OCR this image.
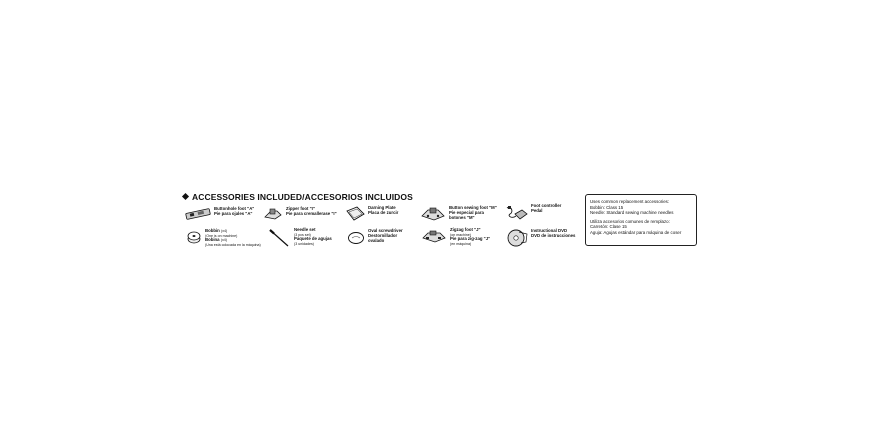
ACCESSORIES INCLUDED/ACCESORIOS INCLUIDOS
Buttonhole foot "A"
Pie para ojales "A"
Zipper foot "I"
Pie para cremallerase "I"
Darning Plate
Placa de zurcir
Button sewing foot "M"
Pie especial para
botones "M"
Foot controller
Pedal
Bobbin (x4)
(One is on machine)
Bobina (x4)
(Una está colocada en la máquina)
Needle set
(3 pcs set)
Paquete de agujas
(3 unidades)
Oval screwdriver
Destornillador
ovalado
Zigzag foot "J"
(on machine)
Pie para zig-zag "J"
(en máquina)
Instructional DVD
DVD de instrucciones
Uses common replacement accessories:
Bobbin: Class 15
Needle: Standard sewing machine needles
Utiliza accesorios comunes de remplazo:
Carretón: Clase 15
Aguja: Agujas estándar para máquina de coser
